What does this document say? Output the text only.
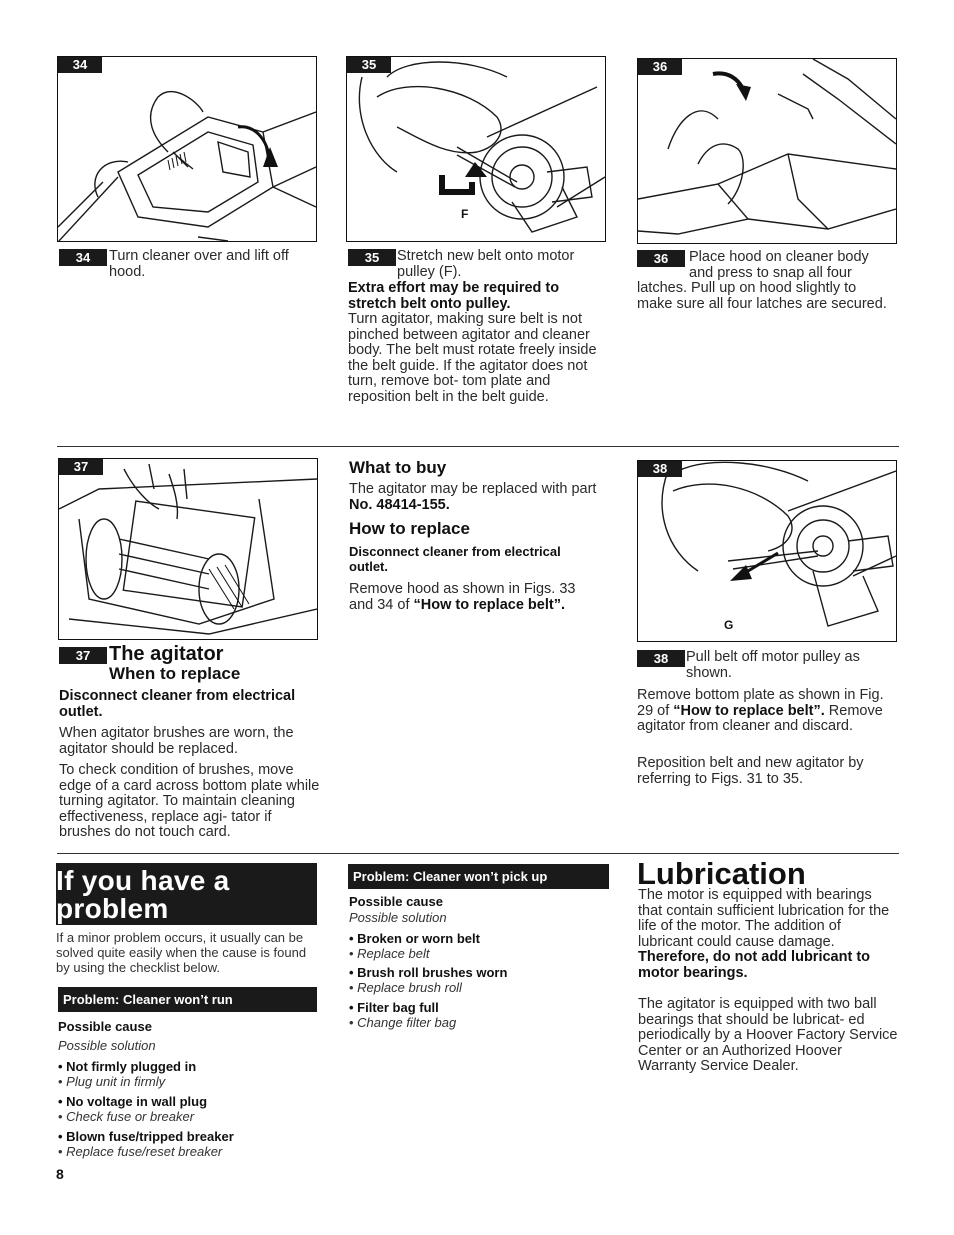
34	35
F
36
34	Turn cleaner over and lift off hood.
35	Stretch new belt onto motor pulley (F).
Extra effort may be required to stretch belt onto pulley.
Turn agitator, making sure belt is not pinched between agitator and cleaner body. The belt must rotate freely inside the belt guide. If the agitator does not turn, remove bot- tom plate and reposition belt in the belt guide.
36	Place hood on cleaner body and press to snap all four latches. Pull up on hood slightly to make sure all four latches are secured.
37
37 The agitator
When to replace
Disconnect cleaner from electrical outlet.
When agitator brushes are worn, the agitator should be replaced.
To check condition of brushes, move edge of a card across bottom plate while turning agitator. To maintain cleaning effectiveness, replace agi- tator if brushes do not touch card.
What to buy
The agitator may be replaced with part No. 48414-155.
How to replace
Disconnect cleaner from electrical outlet.
Remove hood as shown in Figs. 33 and 34 of “How to replace belt”.
38
G
38	Pull belt off motor pulley as shown.
Remove bottom plate as shown in Fig. 29 of “How to replace belt”. Remove agitator from cleaner and discard.
Reposition belt and new agitator by referring to Figs. 31 to 35.
If you have a problem
If a minor problem occurs, it usually can be solved quite easily when the cause is found by using the checklist below.
Problem: Cleaner won’t run
Possible cause
Possible solution
• Not firmly plugged in
• Plug unit in firmly
• No voltage in wall plug
• Check fuse or breaker
• Blown fuse/tripped breaker
• Replace fuse/reset breaker
Problem: Cleaner won’t pick up
Possible cause
Possible solution
• Broken or worn belt
• Replace belt
• Brush roll brushes worn
• Replace brush roll
• Filter bag full
• Change filter bag
Lubrication
The motor is equipped with bearings that contain sufficient lubrication for the life of the motor. The addition of lubricant could cause damage. Therefore, do not add lubricant to motor bearings.
The agitator is equipped with two ball bearings that should be lubricat- ed periodically by a Hoover Factory Service Center or an Authorized Hoover Warranty Service Dealer.
8
